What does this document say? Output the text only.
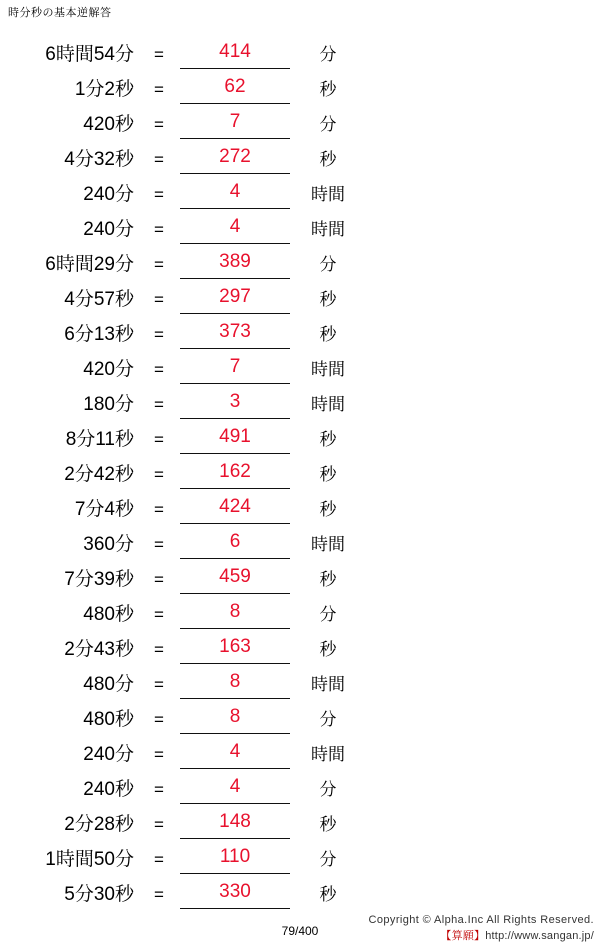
時分秒の基本逆解答
6時間54分	=	414	分
1分2秒	=	62	秒
420秒	=	7	分
4分32秒	=	272	秒
240分	=	4	時間
240分	=	4	時間
6時間29分	=	389	分
4分57秒	=	297	秒
6分13秒	=	373	秒
420分	=	7	時間
180分	=	3	時間
8分11秒	=	491	秒
2分42秒	=	162	秒
7分4秒	=	424	秒
360分	=	6	時間
7分39秒	=	459	秒
480秒	=	8	分
2分43秒	=	163	秒
480分	=	8	時間
480秒	=	8	分
240分	=	4	時間
240秒	=	4	分
2分28秒	=	148	秒
1時間50分	=	110	分
5分30秒	=	330	秒
79/400
Copyright © Alpha.Inc All Rights Reserved.
【算願】http://www.sangan.jp/
